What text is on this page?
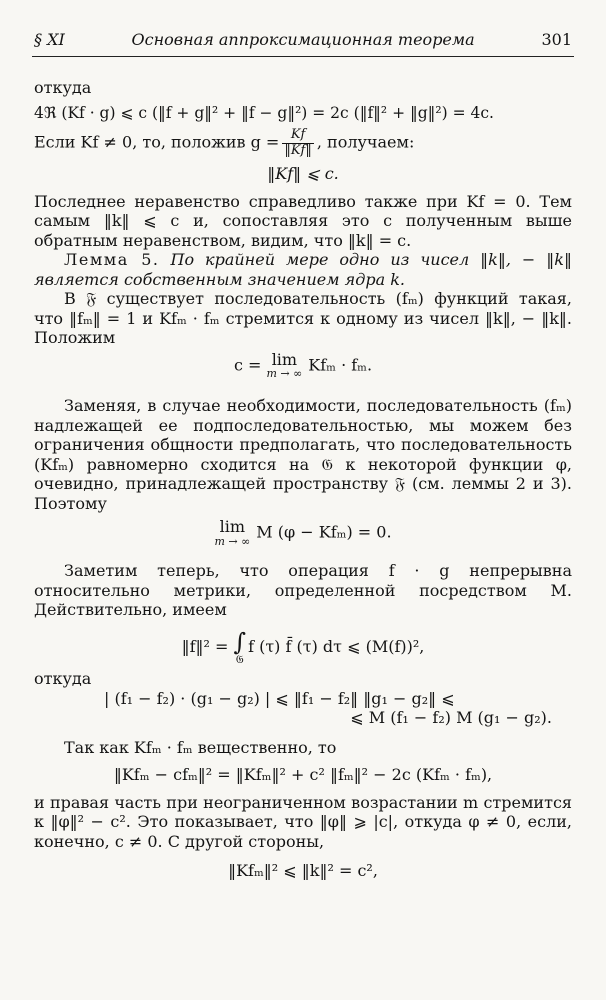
§ XI	Основная аппроксимационная теорема	301

откуда

4ℜ (Kf · g) ⩽ c (‖f + g‖² + ‖f − g‖²) = 2c (‖f‖² + ‖g‖²) = 4c.

Если Kf ≠ 0, то, положив $g = \frac{Kf}{‖Kf‖}$ , получаем:

‖Kf‖ ⩽ c.

Последнее неравенство справедливо также при Kf = 0. Тем самым ‖k‖ ⩽ c и, сопоставляя это с полученным выше обратным неравенством, видим, что ‖k‖ = c.

Лемма 5. По крайней мере одно из чисел ‖k‖, − ‖k‖ является собственным значением ядра k.

В 𝔉 существует последовательность (fₘ) функций такая, что ‖fₘ‖ = 1 и Kfₘ · fₘ стремится к одному из чисел ‖k‖, − ‖k‖. Положим

c = lim
m → ∞ Kfₘ · fₘ.

Заменяя, в случае необходимости, последовательность (fₘ) надлежащей ее подпоследовательностью, мы можем без ограничения общности предполагать, что последовательность (Kfₘ) равномерно сходится на 𝔊 к некоторой функции φ, очевидно, принадлежащей пространству 𝔉 (см. леммы 2 и 3). Поэтому

lim
m → ∞ M (φ − Kfₘ) = 0.

Заметим теперь, что операция f · g непрерывна относительно метрики, определенной посредством M. Действительно, имеем

‖f‖² = ∫
𝔊
f (τ) f̄ (τ) dτ ⩽ (M(f))²,

откуда

| (f₁ − f₂) · (g₁ − g₂) | ⩽ ‖f₁ − f₂‖ ‖g₁ − g₂‖ ⩽
⩽ M (f₁ − f₂) M (g₁ − g₂).

Так как Kfₘ · fₘ вещественно, то

‖Kfₘ − cfₘ‖² = ‖Kfₘ‖² + c² ‖fₘ‖² − 2c (Kfₘ · fₘ),

и правая часть при неограниченном возрастании m стремится к ‖φ‖² − c². Это показывает, что ‖φ‖ ⩾ |c|, откуда φ ≠ 0, если, конечно, c ≠ 0. С другой стороны,

‖Kfₘ‖² ⩽ ‖k‖² = c²,
